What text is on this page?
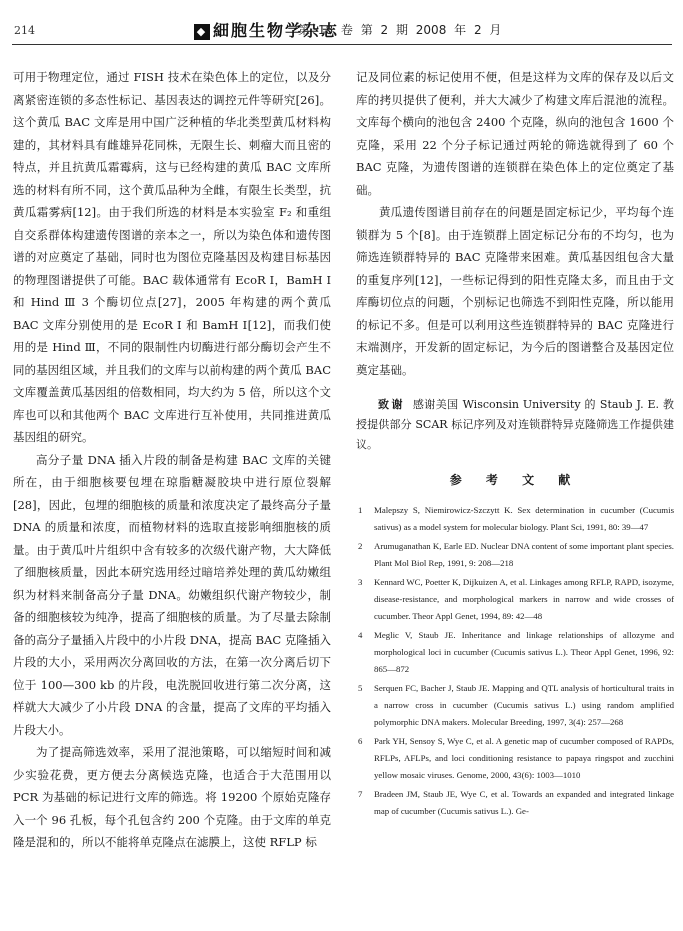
214	◆ 細胞生物学杂志
第 18 卷 第 2 期 2008 年 2 月

可用于物理定位，通过 FISH 技术在染色体上的定位，以及分离紧密连锁的多态性标记、基因表达的调控元件等研究[26]。这个黄瓜 BAC 文库是用中国广泛种植的华北类型黄瓜材料构建的，其材料具有雌雄异花同株，无限生长、刺瘤大而且密的特点，并且抗黄瓜霜霉病，这与已经构建的黄瓜 BAC 文库所选的材料有所不同，这个黄瓜品种为全雌，有限生长类型，抗黄瓜霜雾病[12]。由于我们所选的材料是本实验室 F₂ 和重组自交系群体构建遗传图谱的亲本之一，所以为染色体和遗传图谱的对应奠定了基础，同时也为图位克隆基因及构建目标基因的物理图谱提供了可能。BAC 载体通常有 EcoR Ⅰ，BamH Ⅰ和 Hind Ⅲ 3 个酶切位点[27]，2005 年构建的两个黄瓜 BAC 文库分别使用的是 EcoR Ⅰ 和 BamH Ⅰ[12]，而我们使用的是 Hind Ⅲ，不同的限制性内切酶进行部分酶切会产生不同的基因组区域，并且我们的文库与以前构建的两个黄瓜 BAC 文库覆盖黄瓜基因组的倍数相同，均大约为 5 倍，所以这个文库也可以和其他两个 BAC 文库进行互补使用，共同推进黄瓜基因组的研究。

高分子量 DNA 插入片段的制备是构建 BAC 文库的关键所在，由于细胞核要包埋在琼脂糖凝胶块中进行原位裂解[28]，因此，包埋的细胞核的质量和浓度决定了最终高分子量 DNA 的质量和浓度，而植物材料的选取直接影响细胞核的质量。由于黄瓜叶片组织中含有较多的次级代谢产物，大大降低了细胞核质量，因此本研究选用经过暗培养处理的黄瓜幼嫩组织为材料来制备高分子量 DNA。幼嫩组织代谢产物较少，制备的细胞核较为纯净，提高了细胞核的质量。为了尽量去除制备的高分子量插入片段中的小片段 DNA，提高 BAC 克隆插入片段的大小，采用两次分离回收的方法，在第一次分离后切下位于 100—300 kb 的片段，电洗脱回收进行第二次分离，这样就大大减少了小片段 DNA 的含量，提高了文库的平均插入片段大小。

为了提高筛选效率，采用了混池策略，可以缩短时间和减少实验花费，更方便去分离候选克隆，也适合于大范围用以 PCR 为基础的标记进行文库的筛选。将 19200 个原始克隆存入一个 96 孔板，每个孔包含约 200 个克隆。由于文库的单克隆是混和的，所以不能将单克隆点在滤膜上，这使 RFLP 标

记及同位素的标记使用不便，但是这样为文库的保存及以后文库的拷贝提供了便利，并大大减少了构建文库后混池的流程。文库每个横向的池包含 2400 个克隆，纵向的池包含 1600 个克隆，采用 22 个分子标记通过两轮的筛选就得到了 60 个 BAC 克隆，为遗传图谱的连锁群在染色体上的定位奠定了基础。

黄瓜遗传图谱目前存在的问题是固定标记少，平均每个连锁群为 5 个[8]。由于连锁群上固定标记分布的不均匀，也为筛选连锁群特异的 BAC 克隆带来困难。黄瓜基因组包含大量的重复序列[12]，一些标记得到的阳性克隆太多，而且由于文库酶切位点的问题，个别标记也筛选不到阳性克隆，所以能用的标记不多。但是可以利用这些连锁群特异的 BAC 克隆进行末端测序，开发新的固定标记，为今后的图谱整合及基因定位奠定基础。

致谢 感谢美国 Wisconsin University 的 Staub J. E. 教授提供部分 SCAR 标记序列及对连锁群特异克隆筛选工作提供建议。

参 考 文 献
1 Malepszy S, Niemirowicz-Szczytt K. Sex determination in cucumber (Cucumis sativus) as a model system for molecular biology. Plant Sci, 1991, 80: 39—47
2 Arumuganathan K, Earle ED. Nuclear DNA content of some important plant species. Plant Mol Biol Rep, 1991, 9: 208—218
3 Kennard WC, Poetter K, Dijkuizen A, et al. Linkages among RFLP, RAPD, isozyme, disease-resistance, and morphological markers in narrow and wide crosses of cucumber. Theor Appl Genet, 1994, 89: 42—48
4 Meglic V, Staub JE. Inheritance and linkage relationships of allozyme and morphological loci in cucumber (Cucumis sativus L.). Theor Appl Genet, 1996, 92: 865—872
5 Serquen FC, Bacher J, Staub JE. Mapping and QTL analysis of horticultural traits in a narrow cross in cucumber (Cucumis sativus L.) using random amplified polymorphic DNA makers. Molecular Breeding, 1997, 3(4): 257—268
6 Park YH, Sensoy S, Wye C, et al. A genetic map of cucumber composed of RAPDs, RFLPs, AFLPs, and loci conditioning resistance to papaya ringspot and zucchini yellow mosaic viruses. Genome, 2000, 43(6): 1003—1010
7 Bradeen JM, Staub JE, Wye C, et al. Towards an expanded and integrated linkage map of cucumber (Cucumis sativus L.). Ge-
